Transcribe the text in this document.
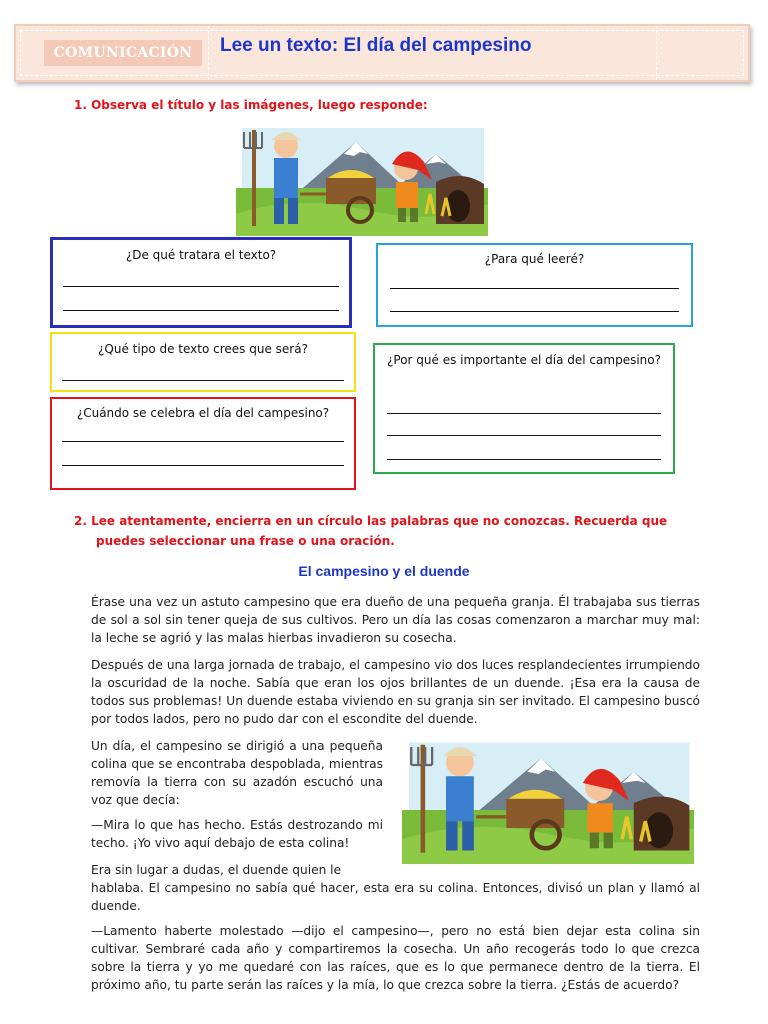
COMUNICACIÓN	Lee un texto: El día del campesino
1. Observa el título y las imágenes, luego responde:
¿De qué tratara el texto?	¿Para qué leeré?
¿Qué tipo de texto crees que será?
¿Por qué es importante el día del campesino?
¿Cuándo se celebra el día del campesino?
2. Lee atentamente, encierra en un círculo las palabras que no conozcas. Recuerda que
puedes seleccionar una frase o una oración.
El campesino y el duende

Érase una vez un astuto campesino que era dueño de una pequeña granja. Él trabajaba sus tierras de sol a sol sin tener queja de sus cultivos. Pero un día las cosas comenzaron a marchar muy mal: la leche se agrió y las malas hierbas invadieron su cosecha.

Después de una larga jornada de trabajo, el campesino vio dos luces resplandecientes irrumpiendo la oscuridad de la noche. Sabía que eran los ojos brillantes de un duende. ¡Esa era la causa de todos sus problemas! Un duende estaba viviendo en su granja sin ser invitado. El campesino buscó por todos lados, pero no pudo dar con el escondite del duende.

Un día, el campesino se dirigió a una pequeña colina que se encontraba despoblada, mientras removía la tierra con su azadón escuchó una voz que decía:

—Mira lo que has hecho. Estás destrozando mi techo. ¡Yo vivo aquí debajo de esta colina!

Era sin lugar a dudas, el duende quien le

hablaba. El campesino no sabía qué hacer, esta era su colina. Entonces, divisó un plan y llamó al duende.

—Lamento haberte molestado —dijo el campesino—, pero no está bien dejar esta colina sin cultivar. Sembraré cada año y compartiremos la cosecha. Un año recogerás todo lo que crezca sobre la tierra y yo me quedaré con las raíces, que es lo que permanece dentro de la tierra. El próximo año, tu parte serán las raíces y la mía, lo que crezca sobre la tierra. ¿Estás de acuerdo?
